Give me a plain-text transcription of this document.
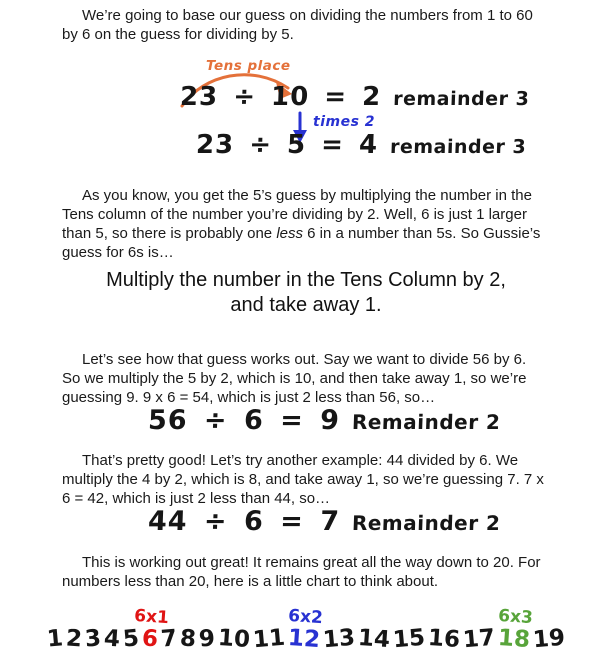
We’re going to base our guess on dividing the numbers from 1 to 60 by 6 on the guess for dividing by 5.

Tens place
23 ÷ 10 = 2 remainder 3
times 2
23 ÷ 5 = 4 remainder 3

As you know, you get the 5’s guess by multiplying the number in the Tens column of the number you’re dividing by 2. Well, 6 is just 1 larger than 5, so there is probably one less 6 in a number than 5s. So Gussie’s guess for 6s is…

Multiply the number in the Tens Column by 2,
and take away 1.

Let’s see how that guess works out. Say we want to divide 56 by 6. So we multiply the 5 by 2, which is 10, and then take away 1, so we’re guessing 9. 9 x 6 = 54, which is just 2 less than 56, so…

56 ÷ 6 = 9 Remainder 2

That’s pretty good! Let’s try another example: 44 divided by 6. We multiply the 4 by 2, which is 8, and take away 1, so we’re guessing 7. 7 x 6 = 42, which is just 2 less than 44, so…

44 ÷ 6 = 7 Remainder 2

This is working out great! It remains great all the way down to 20. For numbers less than 20, here is a little chart to think about.

1 2 3 4 5 6
6x1
7 8 9 10 11 12
6x2
13 14 15 16 17 18
6x3
19
